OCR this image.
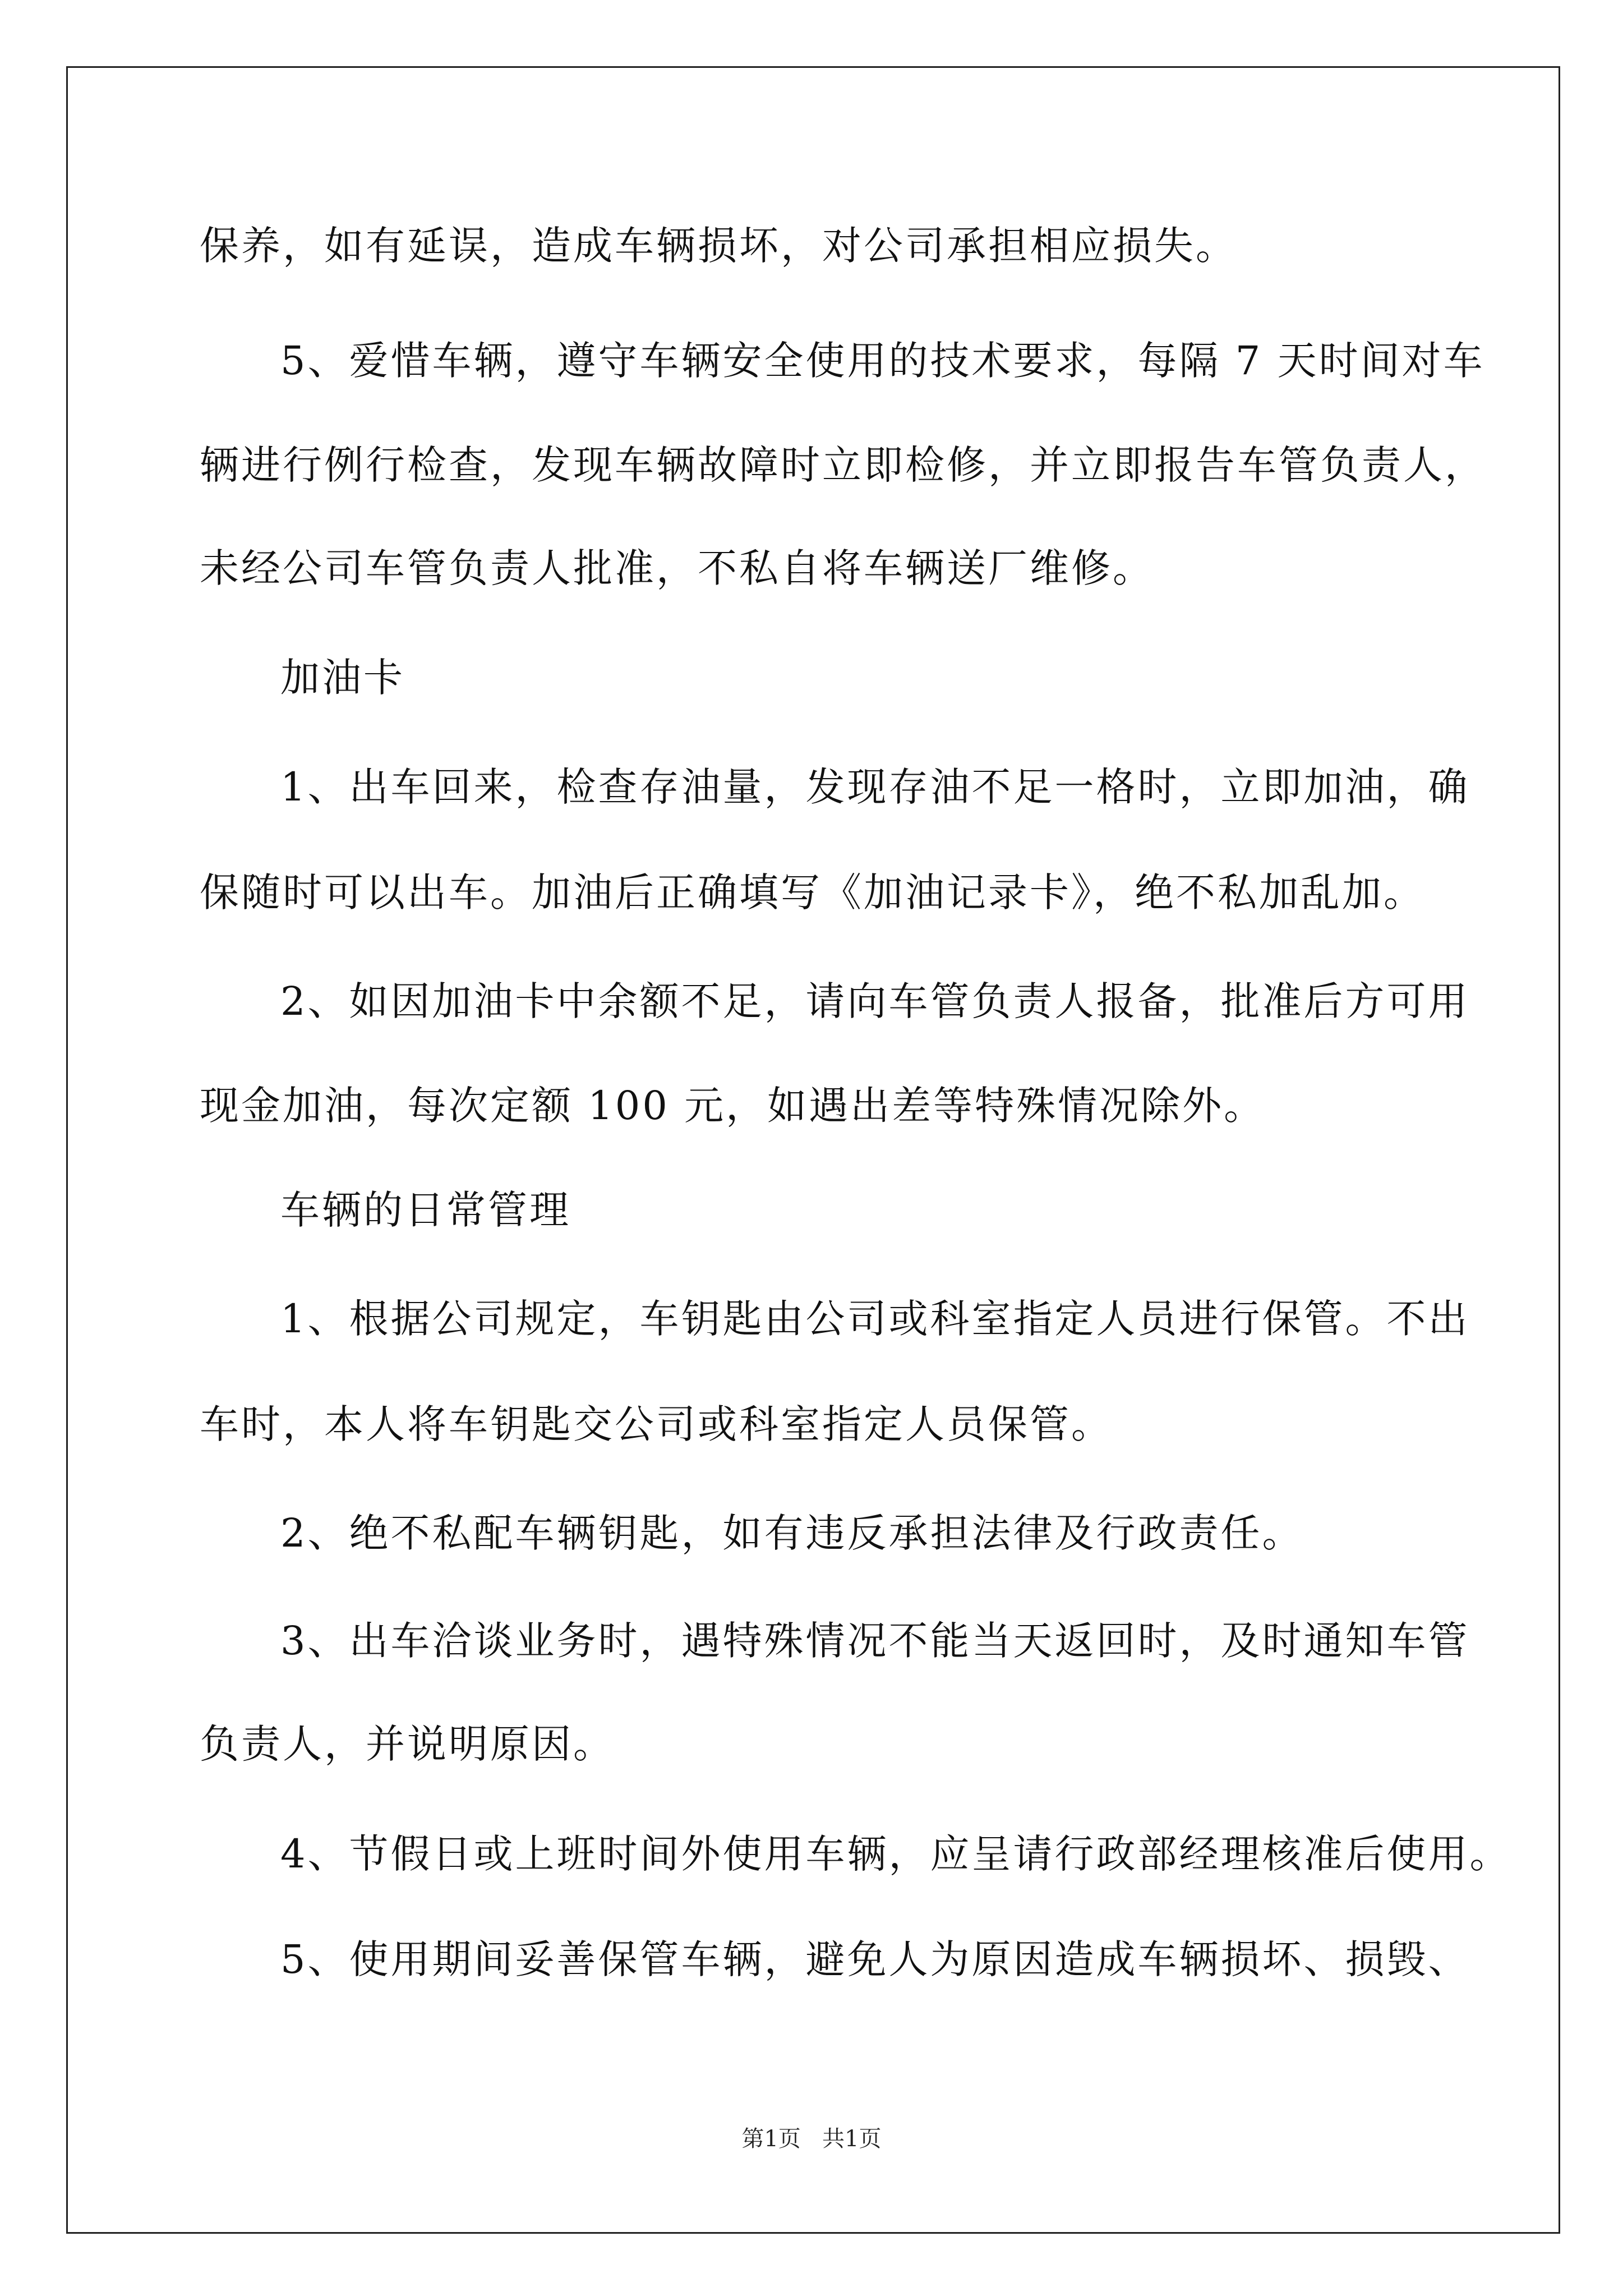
保养，如有延误，造成车辆损坏，对公司承担相应损失。
5、爱惜车辆，遵守车辆安全使用的技术要求，每隔 7 天时间对车
辆进行例行检查，发现车辆故障时立即检修，并立即报告车管负责人，
未经公司车管负责人批准，不私自将车辆送厂维修。
加油卡
1、出车回来，检查存油量，发现存油不足一格时，立即加油，确
保随时可以出车。加油后正确填写《加油记录卡》，绝不私加乱加。
2、如因加油卡中余额不足，请向车管负责人报备，批准后方可用
现金加油，每次定额 100 元，如遇出差等特殊情况除外。
车辆的日常管理
1、根据公司规定，车钥匙由公司或科室指定人员进行保管。不出
车时，本人将车钥匙交公司或科室指定人员保管。
2、绝不私配车辆钥匙，如有违反承担法律及行政责任。
3、出车洽谈业务时，遇特殊情况不能当天返回时，及时通知车管
负责人，并说明原因。
4、节假日或上班时间外使用车辆，应呈请行政部经理核准后使用。
5、使用期间妥善保管车辆，避免人为原因造成车辆损坏、损毁、
第1页   共1页
